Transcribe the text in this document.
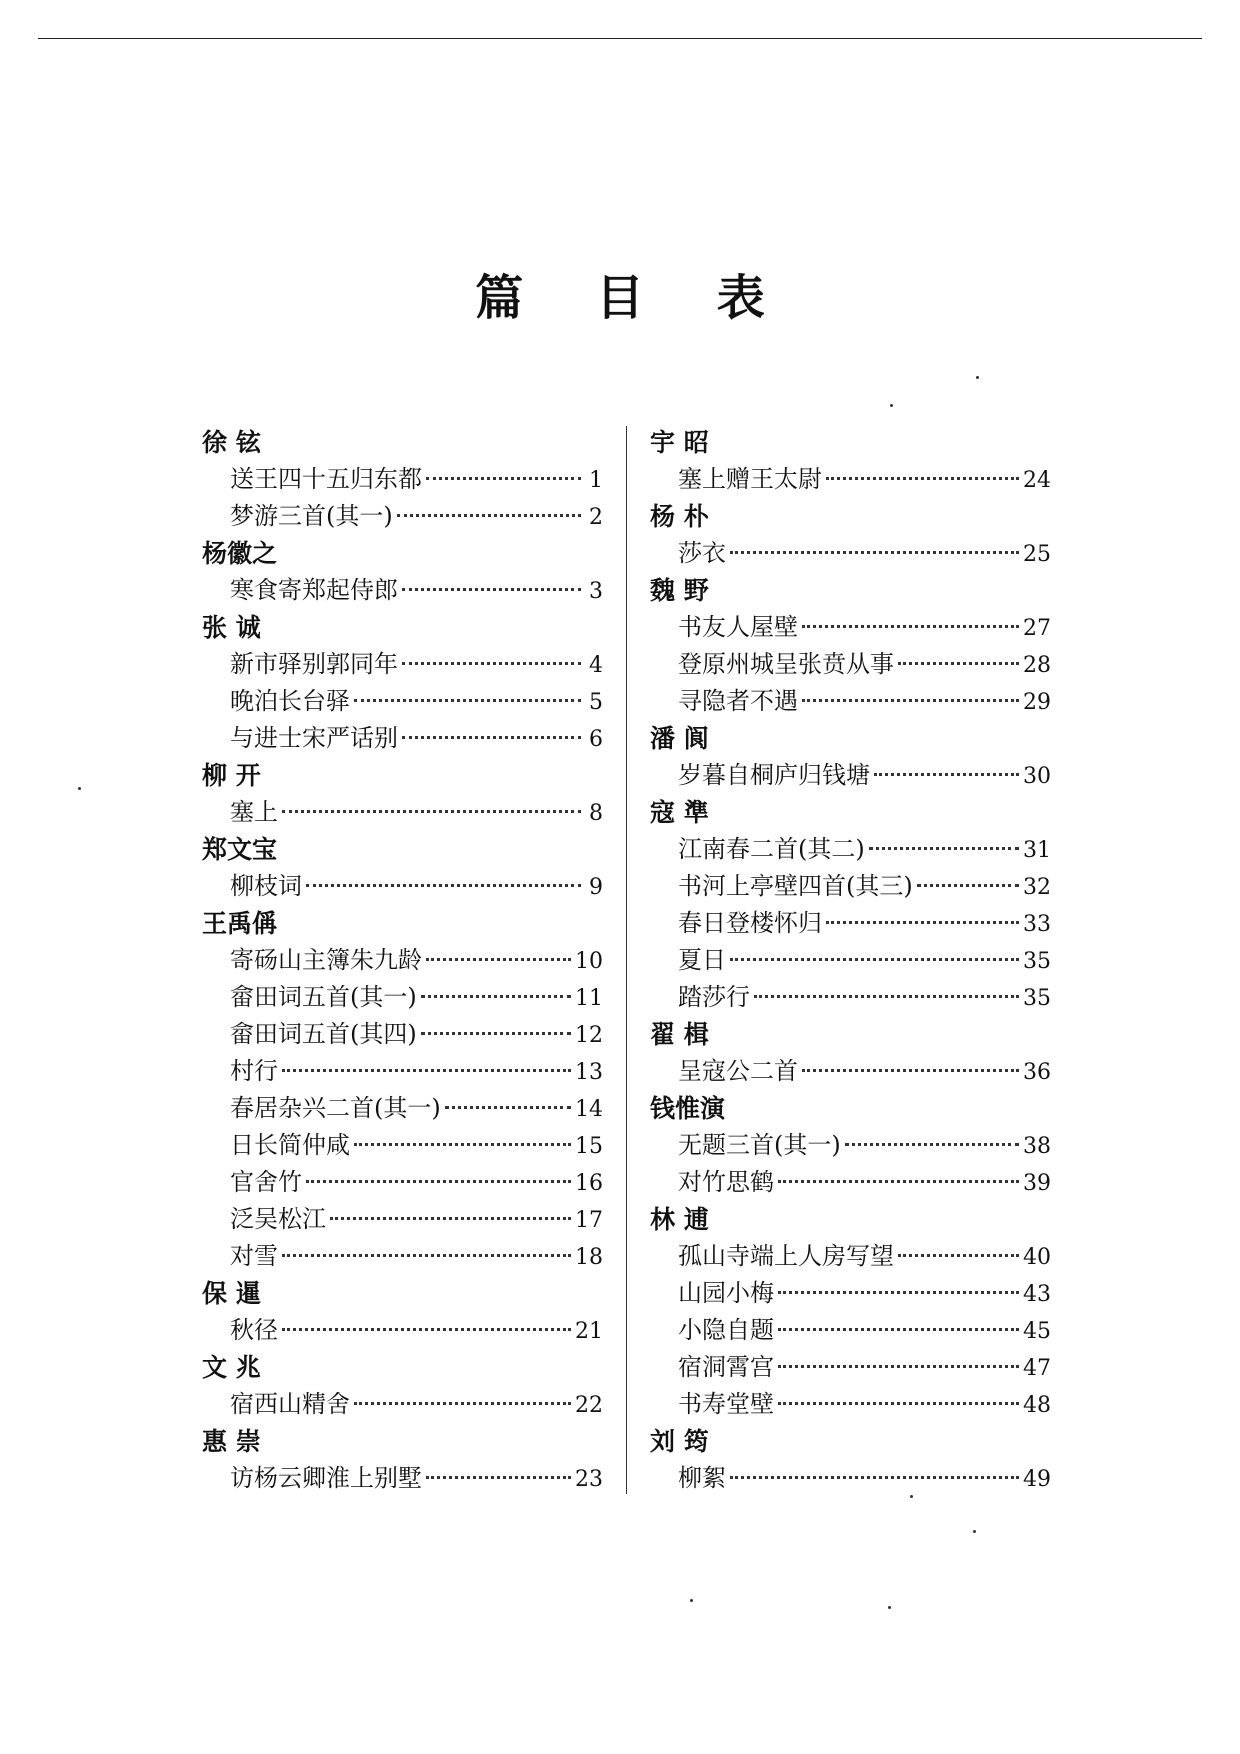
篇 目 表
徐 铉
送王四十五归东都	1
梦游三首(其一)	2
杨徽之
寒食寄郑起侍郎	3
张 诚
新市驿别郭同年	4
晚泊长台驿	5
与进士宋严话别	6
柳 开
塞上	8
郑文宝
柳枝词	9
王禹偁
寄砀山主簿朱九龄	10
畲田词五首(其一)	11
畲田词五首(其四)	12
村行	13
春居杂兴二首(其一)	14
日长简仲咸	15
官舍竹	16
泛吴松江	17
对雪	18
保 暹
秋径	21
文 兆
宿西山精舍	22
惠 崇
访杨云卿淮上别墅	23
宇 昭
塞上赠王太尉	24
杨 朴
莎衣	25
魏 野
书友人屋壁	27
登原州城呈张贲从事	28
寻隐者不遇	29
潘 阆
岁暮自桐庐归钱塘	30
寇 準
江南春二首(其二)	31
书河上亭壁四首(其三)	32
春日登楼怀归	33
夏日	35
踏莎行	35
翟 楫
呈寇公二首	36
钱惟演
无题三首(其一)	38
对竹思鹤	39
林 逋
孤山寺端上人房写望	40
山园小梅	43
小隐自题	45
宿洞霄宫	47
书寿堂壁	48
刘 筠
柳絮	49
